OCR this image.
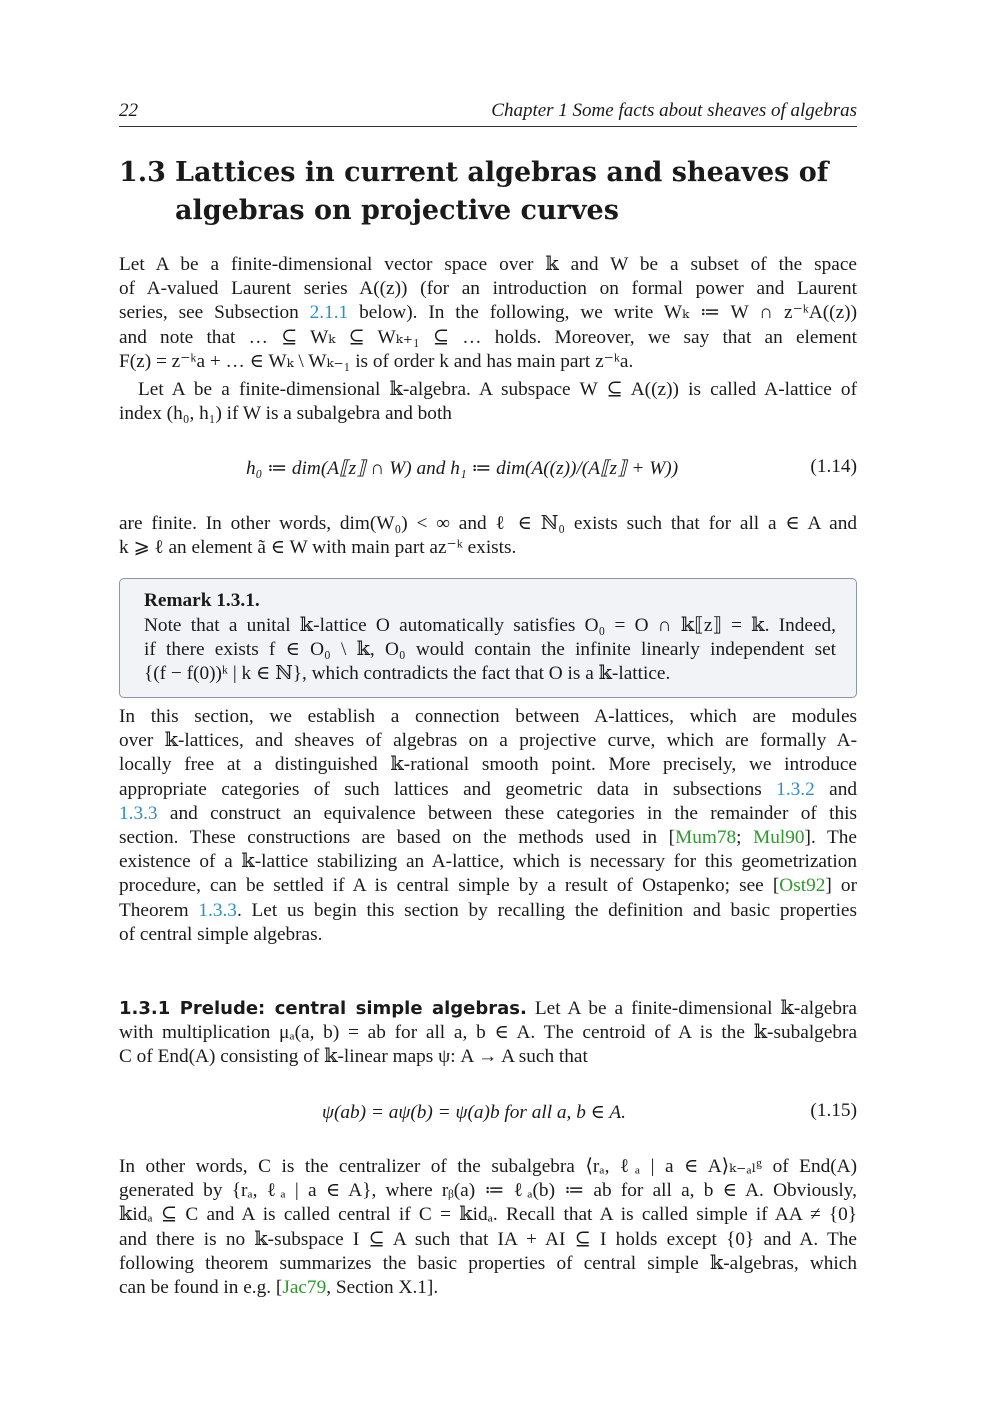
22	Chapter 1 Some facts about sheaves of algebras
1.3 Lattices in current algebras and sheaves of
algebras on projective curves
Let A be a finite-dimensional vector space over 𝕜 and W be a subset of the space
of A-valued Laurent series A((z)) (for an introduction on formal power and Laurent
series, see Subsection 2.1.1 below). In the following, we write Wₖ ≔ W ∩ z⁻ᵏA((z))
and note that … ⊆ Wₖ ⊆ Wₖ₊₁ ⊆ … holds. Moreover, we say that an element
F(z) = z⁻ᵏa + … ∈ Wₖ \ Wₖ₋₁ is of order k and has main part z⁻ᵏa.
Let A be a finite-dimensional 𝕜-algebra. A subspace W ⊆ A((z)) is called A-lattice of
index (h₀, h₁) if W is a subalgebra and both
h₀ ≔ dim(A⟦z⟧ ∩ W) and h₁ ≔ dim(A((z))/(A⟦z⟧ + W))	(1.14)
are finite. In other words, dim(W₀) < ∞ and ℓ ∈ ℕ₀ exists such that for all a ∈ A and
k ⩾ ℓ an element ã ∈ W with main part az⁻ᵏ exists.
Remark 1.3.1.
Note that a unital 𝕜-lattice O automatically satisfies O₀ = O ∩ 𝕜⟦z⟧ = 𝕜. Indeed,
if there exists f ∈ O₀ \ 𝕜, O₀ would contain the infinite linearly independent set
{(f − f(0))ᵏ | k ∈ ℕ}, which contradicts the fact that O is a 𝕜-lattice.
In this section, we establish a connection between A-lattices, which are modules
over 𝕜-lattices, and sheaves of algebras on a projective curve, which are formally A-
locally free at a distinguished 𝕜-rational smooth point. More precisely, we introduce
appropriate categories of such lattices and geometric data in subsections 1.3.2 and
1.3.3 and construct an equivalence between these categories in the remainder of this
section. These constructions are based on the methods used in [Mum78; Mul90]. The
existence of a 𝕜-lattice stabilizing an A-lattice, which is necessary for this geometrization
procedure, can be settled if A is central simple by a result of Ostapenko; see [Ost92] or
Theorem 1.3.3. Let us begin this section by recalling the definition and basic properties
of central simple algebras.
1.3.1 Prelude: central simple algebras. Let A be a finite-dimensional 𝕜-algebra
with multiplication μₐ(a, b) = ab for all a, b ∈ A. The centroid of A is the 𝕜-subalgebra
C of End(A) consisting of 𝕜-linear maps ψ: A → A such that
ψ(ab) = aψ(b) = ψ(a)b for all a, b ∈ A.	(1.15)
In other words, C is the centralizer of the subalgebra ⟨rₐ, ℓₐ | a ∈ A⟩ₖ₋ₐₗᵍ of End(A)
generated by {rₐ, ℓₐ | a ∈ A}, where rᵦ(a) ≔ ℓₐ(b) ≔ ab for all a, b ∈ A. Obviously,
𝕜idₐ ⊆ C and A is called central if C = 𝕜idₐ. Recall that A is called simple if AA ≠ {0}
and there is no 𝕜-subspace I ⊆ A such that IA + AI ⊆ I holds except {0} and A. The
following theorem summarizes the basic properties of central simple 𝕜-algebras, which
can be found in e.g. [Jac79, Section X.1].
